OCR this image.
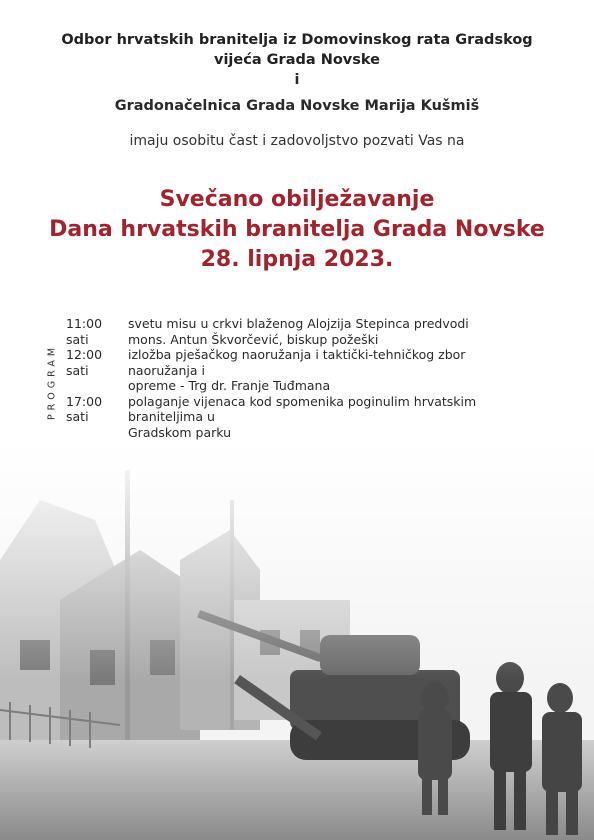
Odbor hrvatskih branitelja iz Domovinskog rata Gradskog
vijeća Grada Novske
i
Gradonačelnica Grada Novske Marija Kušmiš
imaju osobitu čast i zadovoljstvo pozvati Vas na
Svečano obilježavanje
Dana hrvatskih branitelja Grada Novske
28. lipnja 2023.
PROGRAM
11:00 sati
svetu misu u crkvi blaženog Alojzija Stepinca predvodi
mons. Antun Škvorčević, biskup požeški
12:00 sati
izložba pješačkog naoružanja i taktički-tehničkog zbor naoružanja i
opreme - Trg dr. Franje Tuđmana
17:00 sati
polaganje vijenaca kod spomenika poginulim hrvatskim braniteljima u
Gradskom parku
